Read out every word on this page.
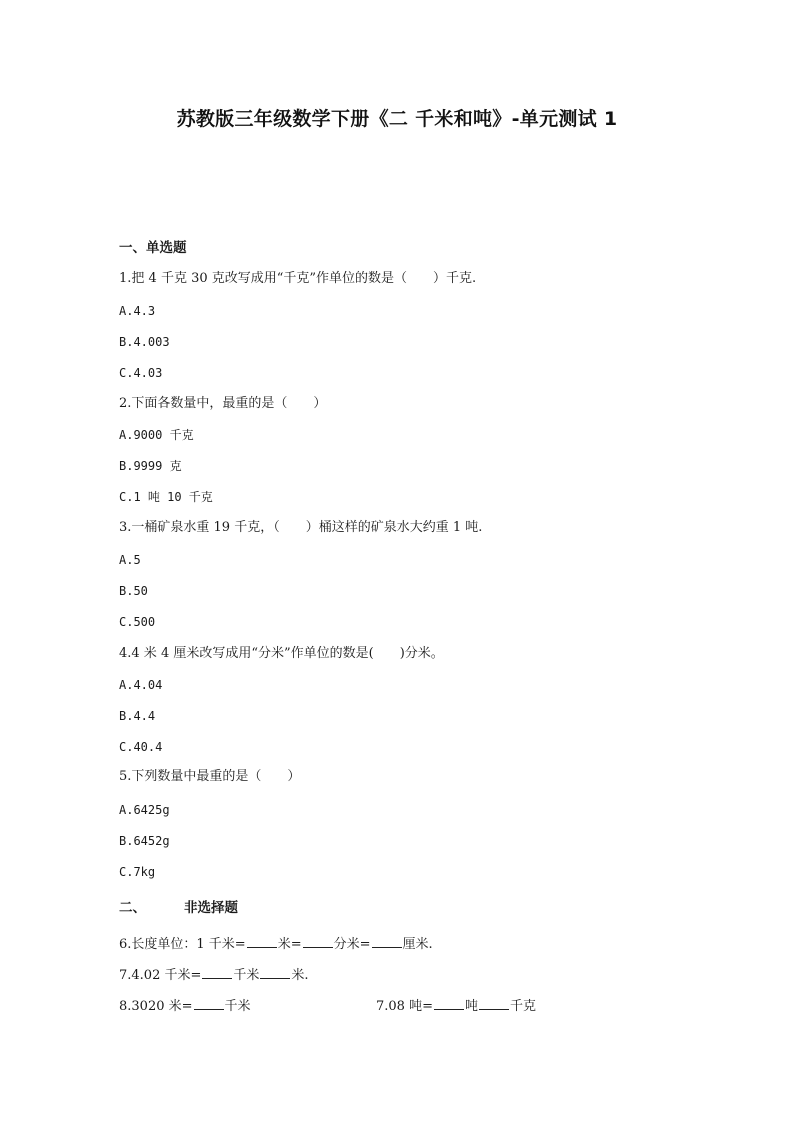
苏教版三年级数学下册《二 千米和吨》-单元测试 1
一、单选题
1.把 4 千克 30 克改写成用“千克”作单位的数是（ ）千克.
A.4.3
B.4.003
C.4.03
2.下面各数量中，最重的是（ ）
A.9000 千克
B.9999 克
C.1 吨 10 千克
3.一桶矿泉水重 19 千克，（ ）桶这样的矿泉水大约重 1 吨.
A.5
B.50
C.500
4.4 米 4 厘米改写成用“分米”作单位的数是( )分米。
A.4.04
B.4.4
C.40.4
5.下列数量中最重的是（ ）
A.6425g
B.6452g
C.7kg
二、	非选择题
6.长度单位：1 千米= 米= 分米= 厘米.
7.4.02 千米= 千米 米.
8.3020 米= 千米	7.08 吨= 吨 千克
